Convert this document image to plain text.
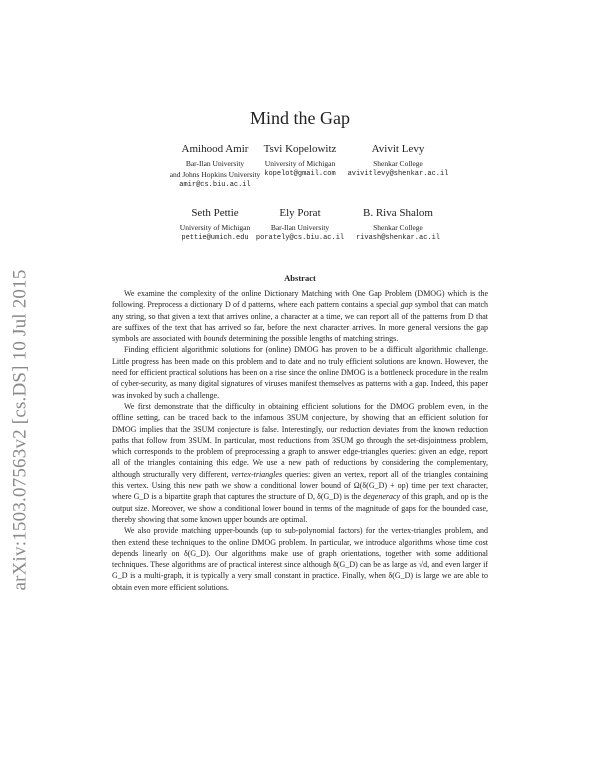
arXiv:1503.07563v2 [cs.DS] 10 Jul 2015
Mind the Gap
Amihood Amir
Bar-Ilan University
and Johns Hopkins University
amir@cs.biu.ac.il
Tsvi Kopelowitz
University of Michigan
kopelot@gmail.com
Avivit Levy
Shenkar College
avivitlevy@shenkar.ac.il
Seth Pettie
University of Michigan
pettie@umich.edu
Ely Porat
Bar-Ilan University
porately@cs.biu.ac.il
B. Riva Shalom
Shenkar College
rivash@shenkar.ac.il
Abstract

We examine the complexity of the online Dictionary Matching with One Gap Problem (DMOG) which is the following. Preprocess a dictionary D of d patterns, where each pattern contains a special gap symbol that can match any string, so that given a text that arrives online, a character at a time, we can report all of the patterns from D that are suffixes of the text that has arrived so far, before the next character arrives. In more general versions the gap symbols are associated with bounds determining the possible lengths of matching strings.

Finding efficient algorithmic solutions for (online) DMOG has proven to be a difficult algorithmic challenge. Little progress has been made on this problem and to date and no truly efficient solutions are known. However, the need for efficient practical solutions has been on a rise since the online DMOG is a bottleneck procedure in the realm of cyber-security, as many digital signatures of viruses manifest themselves as patterns with a gap. Indeed, this paper was invoked by such a challenge.

We first demonstrate that the difficulty in obtaining efficient solutions for the DMOG problem even, in the offline setting, can be traced back to the infamous 3SUM conjecture, by showing that an efficient solution for DMOG implies that the 3SUM conjecture is false. Interestingly, our reduction deviates from the known reduction paths that follow from 3SUM. In particular, most reductions from 3SUM go through the set-disjointness problem, which corresponds to the problem of preprocessing a graph to answer edge-triangles queries: given an edge, report all of the triangles containing this edge. We use a new path of reductions by considering the complementary, although structurally very different, vertex-triangles queries: given an vertex, report all of the triangles containing this vertex. Using this new path we show a conditional lower bound of Ω(δ(G_D) + op) time per text character, where G_D is a bipartite graph that captures the structure of D, δ(G_D) is the degeneracy of this graph, and op is the output size. Moreover, we show a conditional lower bound in terms of the magnitude of gaps for the bounded case, thereby showing that some known upper bounds are optimal.

We also provide matching upper-bounds (up to sub-polynomial factors) for the vertex-triangles problem, and then extend these techniques to the online DMOG problem. In particular, we introduce algorithms whose time cost depends linearly on δ(G_D). Our algorithms make use of graph orientations, together with some additional techniques. These algorithms are of practical interest since although δ(G_D) can be as large as √d, and even larger if G_D is a multi-graph, it is typically a very small constant in practice. Finally, when δ(G_D) is large we are able to obtain even more efficient solutions.
